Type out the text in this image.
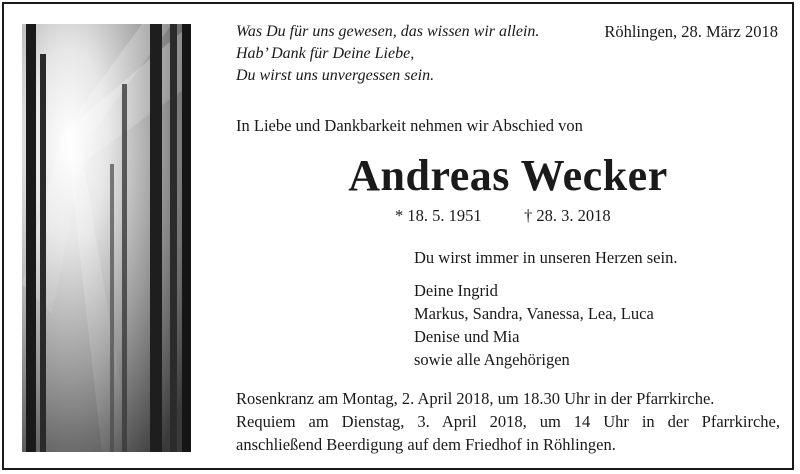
Was Du für uns gewesen, das wissen wir allein.
Hab’ Dank für Deine Liebe,
Du wirst uns unvergessen sein.
Röhlingen, 28. März 2018
In Liebe und Dankbarkeit nehmen wir Abschied von
Andreas Wecker
* 18. 5. 1951	† 28. 3. 2018
Du wirst immer in unseren Herzen sein.
Deine Ingrid
Markus, Sandra, Vanessa, Lea, Luca
Denise und Mia
sowie alle Angehörigen
Rosenkranz am Montag, 2. April 2018, um 18.30 Uhr in der Pfarrkirche.
Requiem am Dienstag, 3. April 2018, um 14 Uhr in der Pfarrkirche,
anschließend Beerdigung auf dem Friedhof in Röhlingen.
